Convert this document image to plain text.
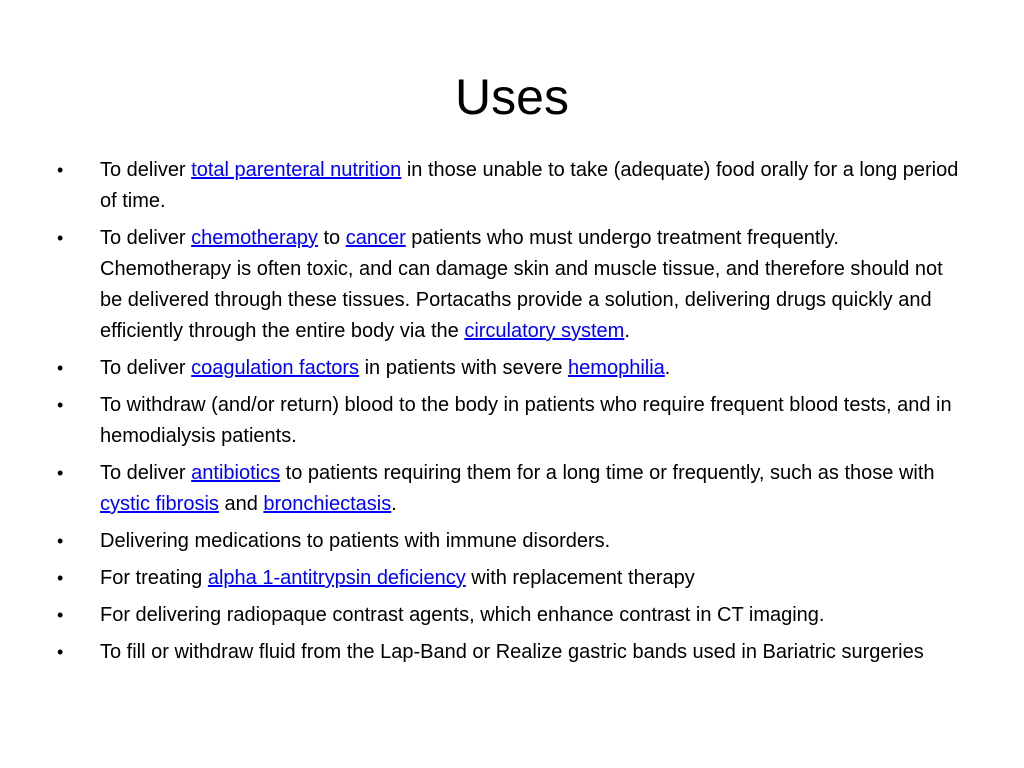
Uses
• To deliver total parenteral nutrition in those unable to take (adequate) food orally for a long period of time.
• To deliver chemotherapy to cancer patients who must undergo treatment frequently. Chemotherapy is often toxic, and can damage skin and muscle tissue, and therefore should not be delivered through these tissues. Portacaths provide a solution, delivering drugs quickly and efficiently through the entire body via the circulatory system.
• To deliver coagulation factors in patients with severe hemophilia.
• To withdraw (and/or return) blood to the body in patients who require frequent blood tests, and in hemodialysis patients.
• To deliver antibiotics to patients requiring them for a long time or frequently, such as those with cystic fibrosis and bronchiectasis.
• Delivering medications to patients with immune disorders.
• For treating alpha 1-antitrypsin deficiency with replacement therapy
• For delivering radiopaque contrast agents, which enhance contrast in CT imaging.
• To fill or withdraw fluid from the Lap-Band or Realize gastric bands used in Bariatric surgeries
